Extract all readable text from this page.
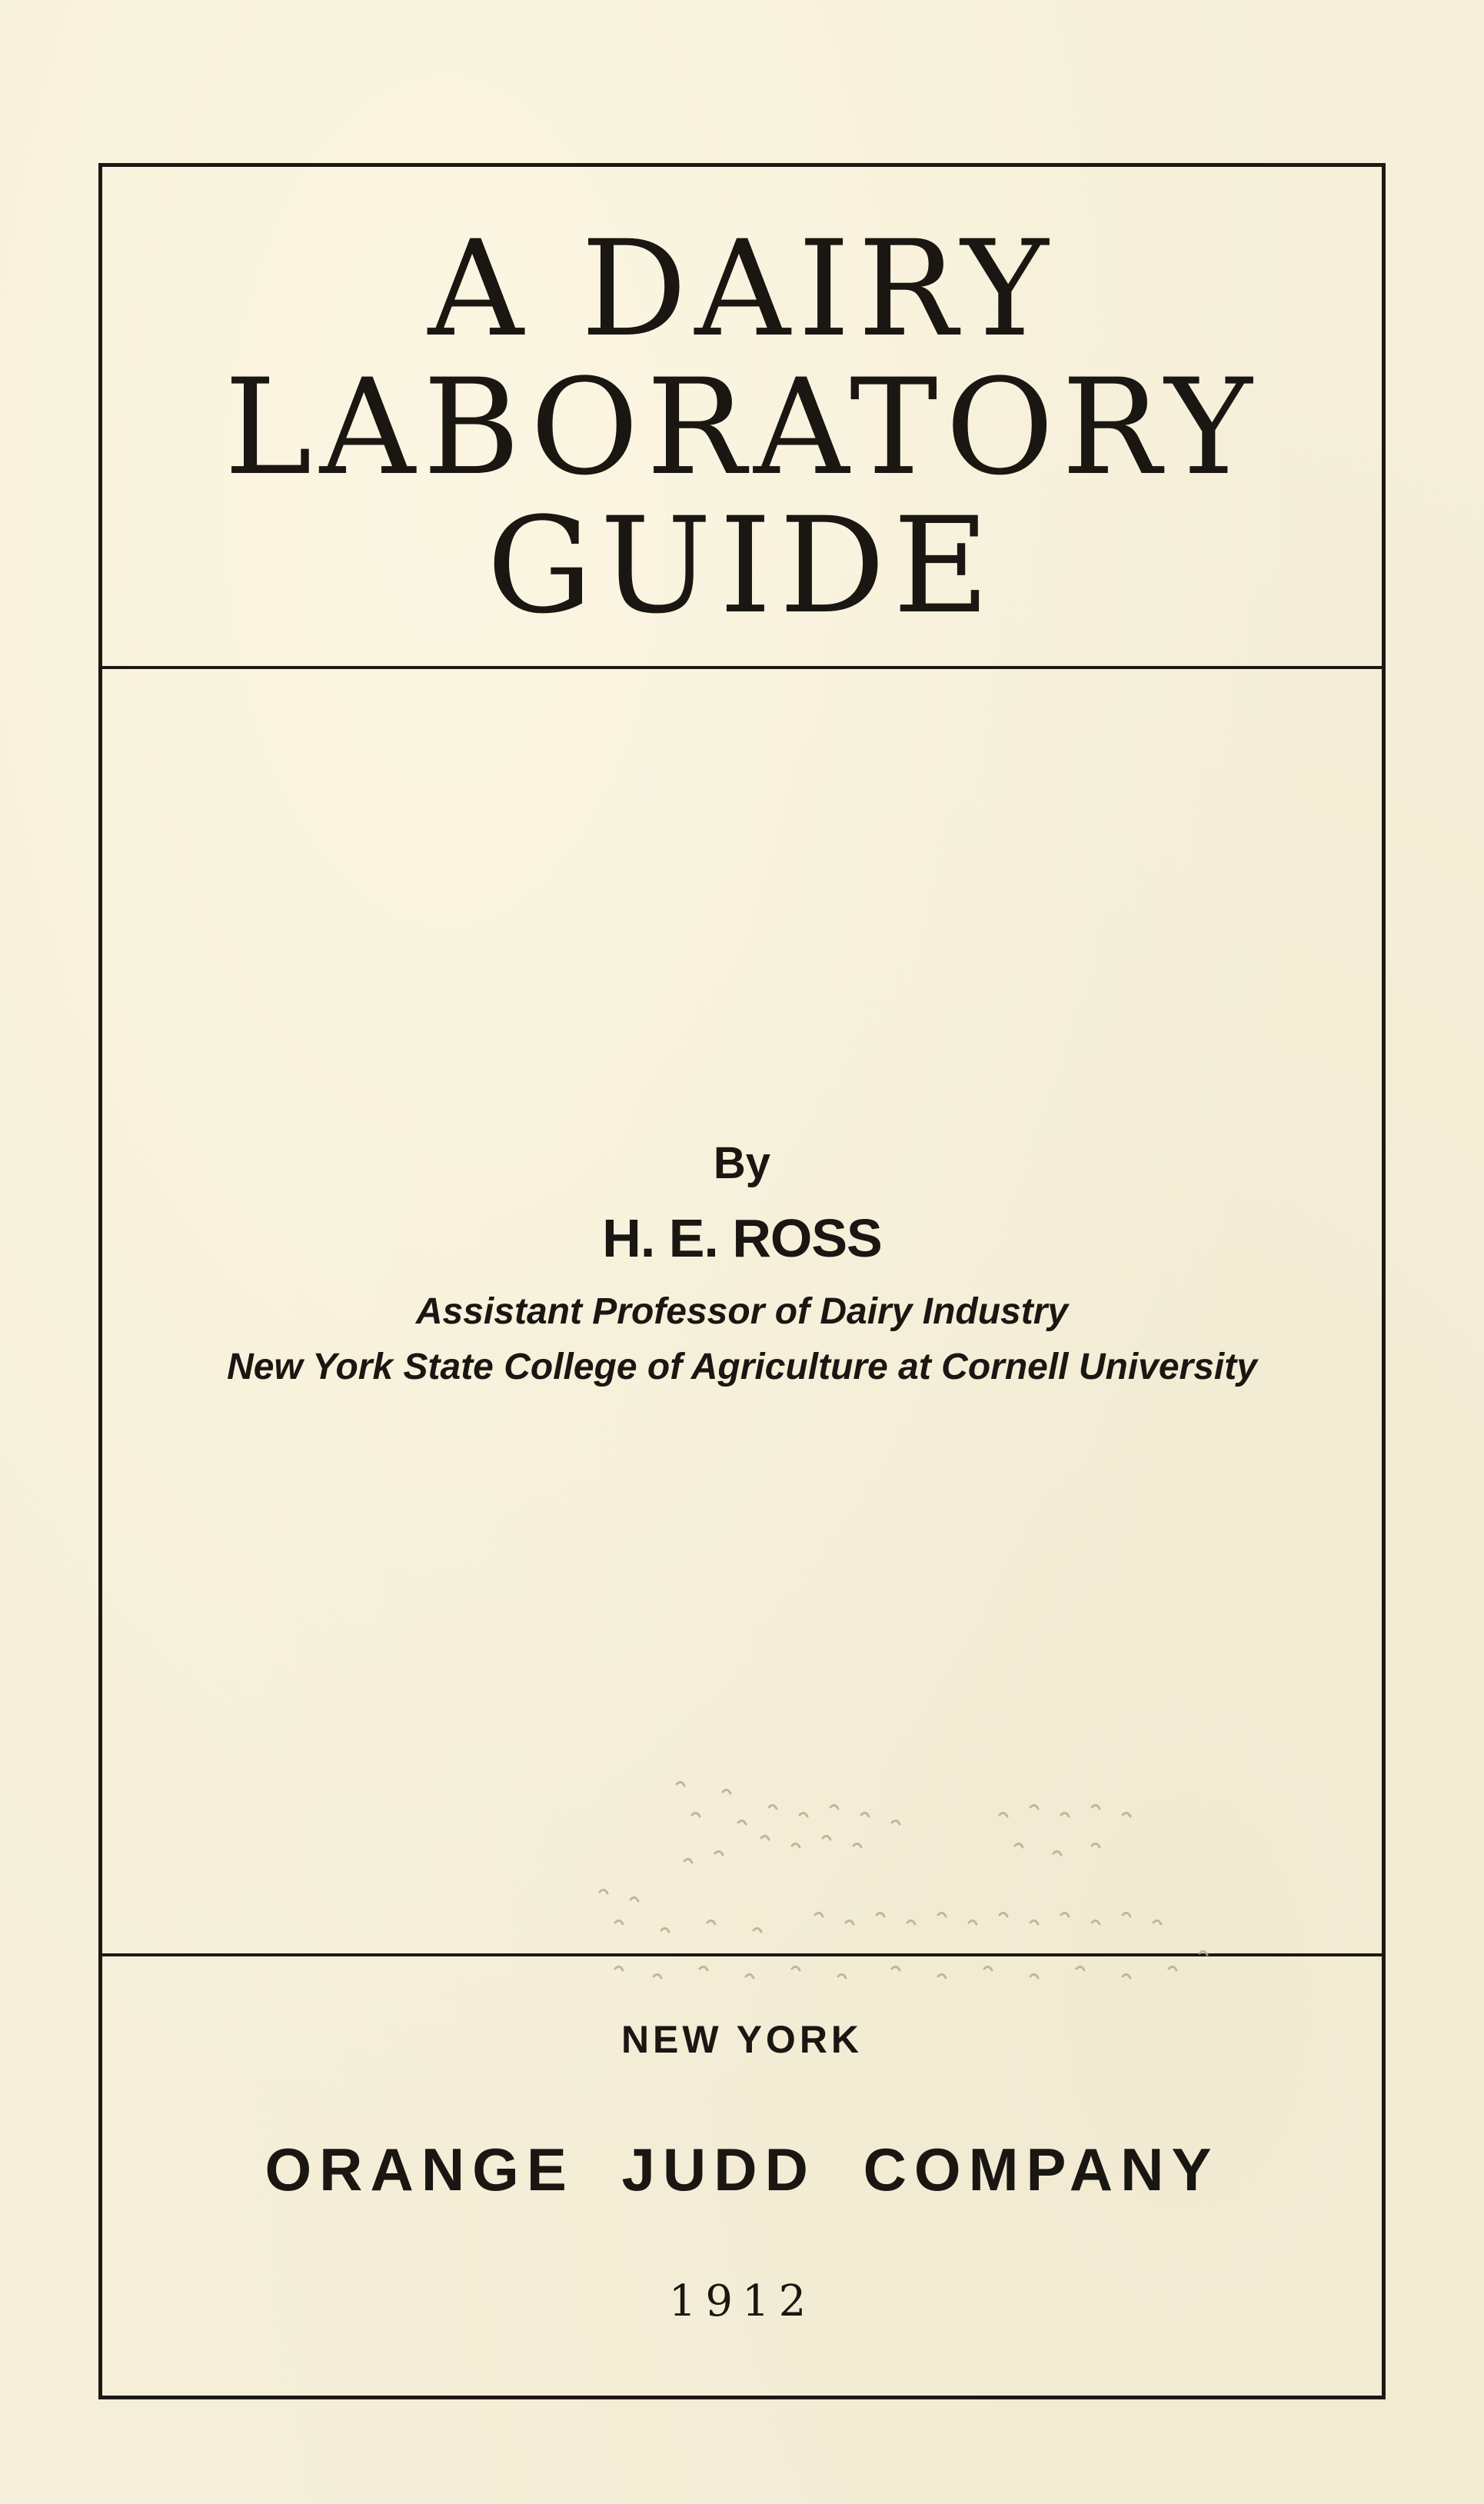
A DAIRY
LABORATORY
GUIDE
By
H. E. ROSS
Assistant Professor of Dairy Industry
New York State College of Agriculture at Cornell University
NEW YORK
ORANGE JUDD COMPANY
1912
